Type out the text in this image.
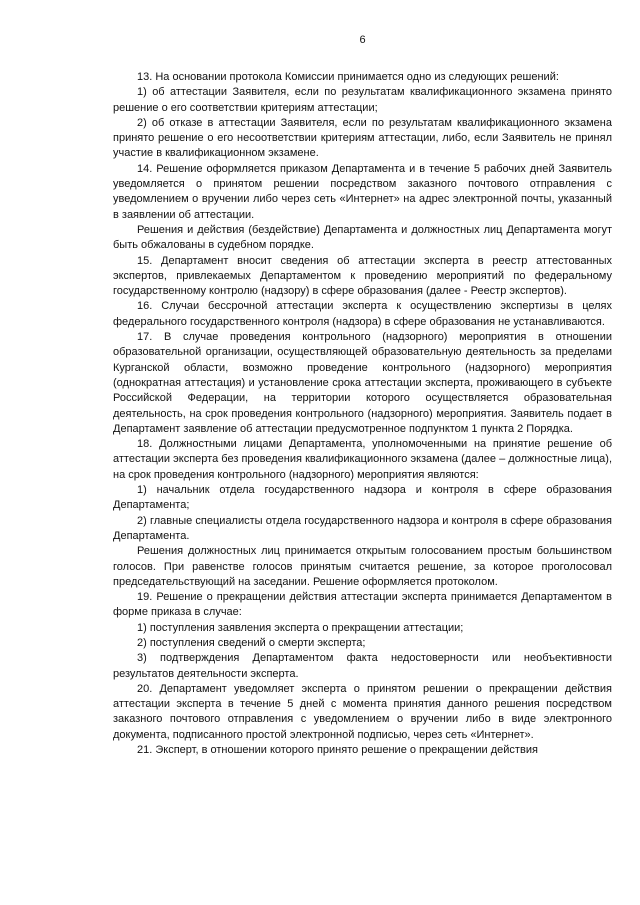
6

13. На основании протокола Комиссии принимается одно из следующих решений:

1) об аттестации Заявителя, если по результатам квалификационного экзамена принято решение о его соответствии критериям аттестации;

2) об отказе в аттестации Заявителя, если по результатам квалификационного экзамена принято решение о его несоответствии критериям аттестации, либо, если Заявитель не принял участие в квалификационном экзамене.

14. Решение оформляется приказом Департамента и в течение 5 рабочих дней Заявитель уведомляется о принятом решении посредством заказного почтового отправления с уведомлением о вручении либо через сеть «Интернет» на адрес электронной почты, указанный в заявлении об аттестации.

Решения и действия (бездействие) Департамента и должностных лиц Департамента могут быть обжалованы в судебном порядке.

15. Департамент вносит сведения об аттестации эксперта в реестр аттестованных экспертов, привлекаемых Департаментом к проведению мероприятий по федеральному государственному контролю (надзору) в сфере образования (далее - Реестр экспертов).

16. Случаи бессрочной аттестации эксперта к осуществлению экспертизы в целях федерального государственного контроля (надзора) в сфере образования не устанавливаются.

17. В случае проведения контрольного (надзорного) мероприятия в отношении образовательной организации, осуществляющей образовательную деятельность за пределами Курганской области, возможно проведение контрольного (надзорного) мероприятия (однократная аттестация) и установление срока аттестации эксперта, проживающего в субъекте Российской Федерации, на территории которого осуществляется образовательная деятельность, на срок проведения контрольного (надзорного) мероприятия. Заявитель подает в Департамент заявление об аттестации предусмотренное подпунктом 1 пункта 2 Порядка.

18. Должностными лицами Департамента, уполномоченными на принятие решение об аттестации эксперта без проведения квалификационного экзамена (далее – должностные лица), на срок проведения контрольного (надзорного) мероприятия являются:

1) начальник отдела государственного надзора и контроля в сфере образования Департамента;

2) главные специалисты отдела государственного надзора и контроля в сфере образования Департамента.

Решения должностных лиц принимается открытым голосованием простым большинством голосов. При равенстве голосов принятым считается решение, за которое проголосовал председательствующий на заседании. Решение оформляется протоколом.

19. Решение о прекращении действия аттестации эксперта принимается Департаментом в форме приказа в случае:

1) поступления заявления эксперта о прекращении аттестации;

2) поступления сведений о смерти эксперта;

3) подтверждения Департаментом факта недостоверности или необъективности результатов деятельности эксперта.

20. Департамент уведомляет эксперта о принятом решении о прекращении действия аттестации эксперта в течение 5 дней с момента принятия данного решения посредством заказного почтового отправления с уведомлением о вручении либо в виде электронного документа, подписанного простой электронной подписью, через сеть «Интернет».

21. Эксперт, в отношении которого принято решение о прекращении действия
